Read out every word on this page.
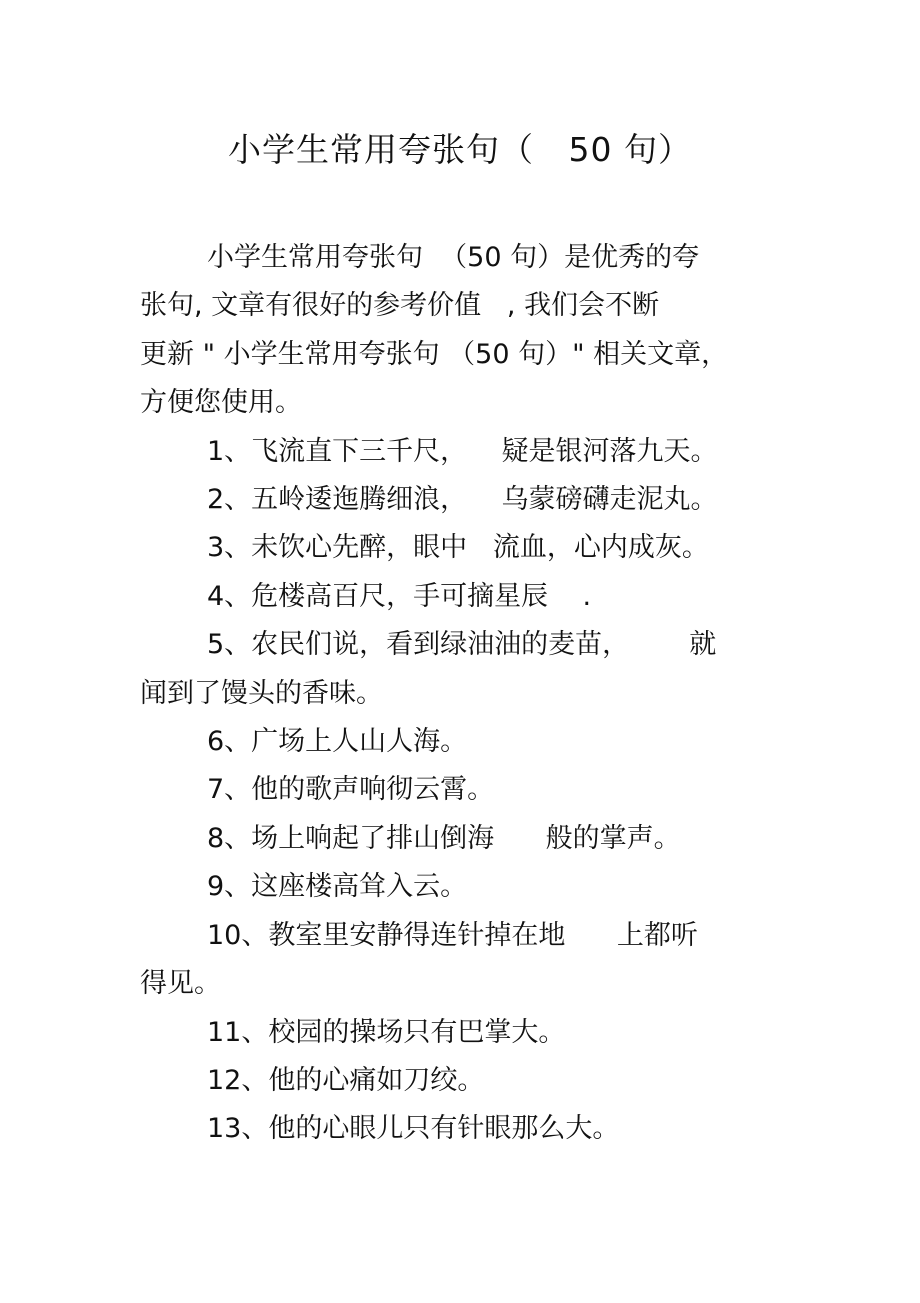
小学生常用夸张句（   50 句）
小学生常用夸张句  （50 句）是优秀的夸
张句, 文章有很好的参考价值   , 我们会不断
更新 " 小学生常用夸张句 （50 句）" 相关文章，
方便您使用。
1、飞流直下三千尺，    疑是银河落九天。
2、五岭逶迤腾细浪，    乌蒙磅礴走泥丸。
3、未饮心先醉，眼中   流血，心内成灰。
4、危楼高百尺，手可摘星辰    .
5、农民们说，看到绿油油的麦苗，       就
闻到了馒头的香味。
6、广场上人山人海。
7、他的歌声响彻云霄。
8、场上响起了排山倒海      般的掌声。
9、这座楼高耸入云。
10、教室里安静得连针掉在地      上都听
得见。
11、校园的操场只有巴掌大。
12、他的心痛如刀绞。
13、他的心眼儿只有针眼那么大。
